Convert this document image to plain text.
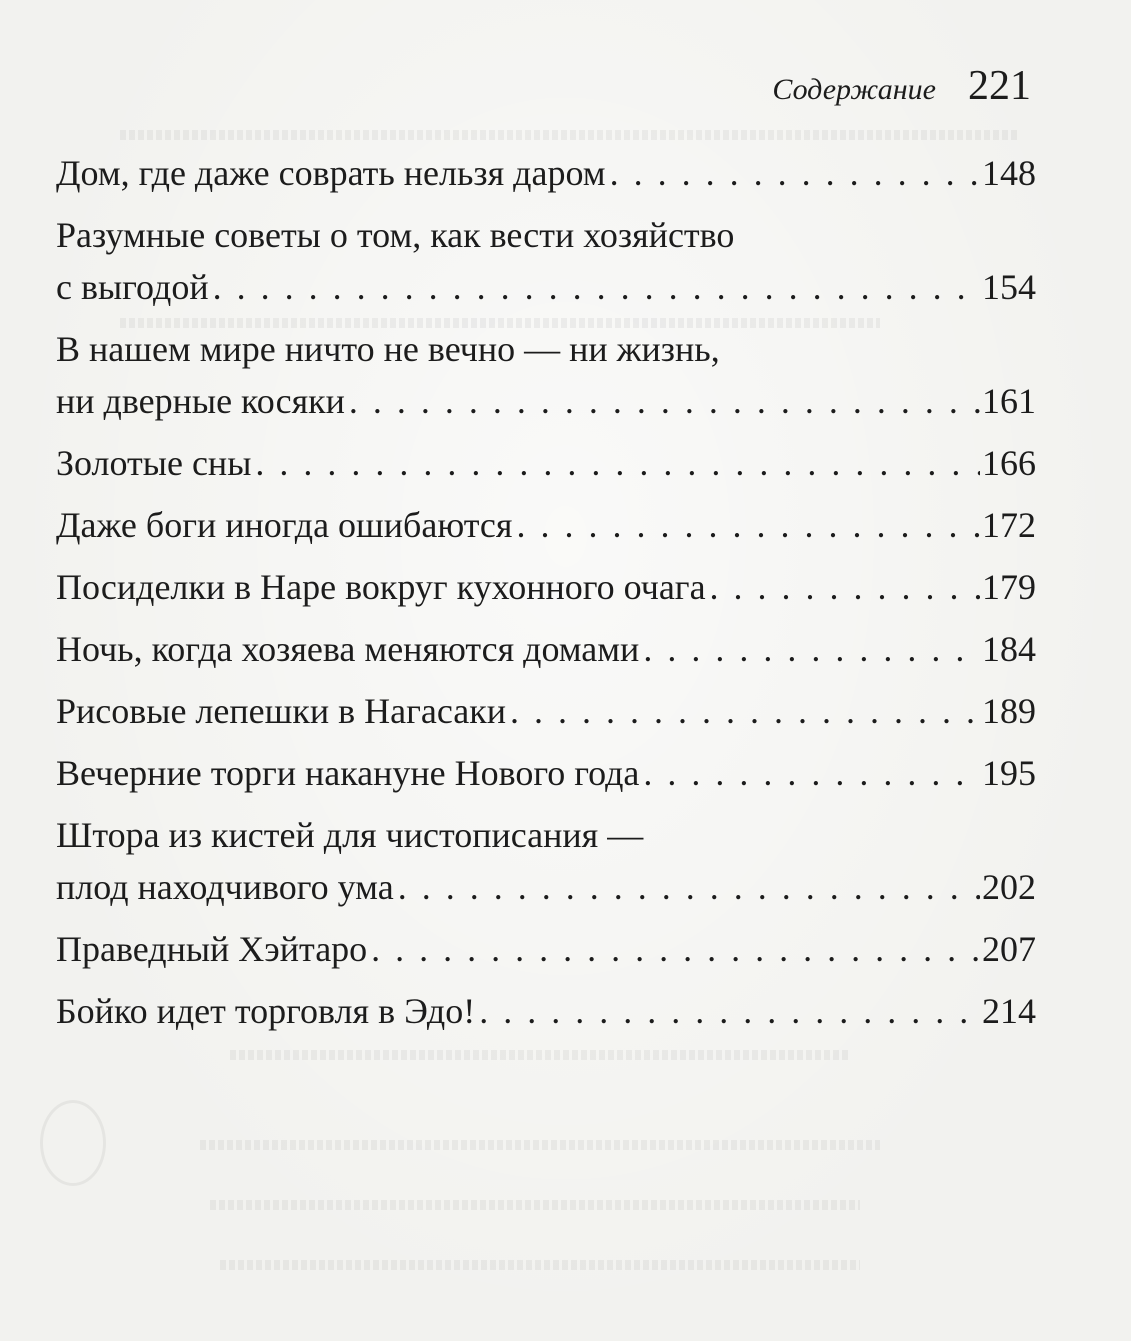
Содержание 221
Дом, где даже соврать нельзя даром . . .	148
Разумные советы о том, как вести хозяйство
с выгодой . . .	154
В нашем мире ничто не вечно — ни жизнь,
ни дверные косяки . . .	161
Золотые сны . . .	166
Даже боги иногда ошибаются . . .	172
Посиделки в Наре вокруг кухонного очага . . .	179
Ночь, когда хозяева меняются домами . . .	184
Рисовые лепешки в Нагасаки . . .	189
Вечерние торги накануне Нового года . . .	195
Штора из кистей для чистописания —
плод находчивого ума . . .	202
Праведный Хэйтаро . . .	207
Бойко идет торговля в Эдо! . . .	214
